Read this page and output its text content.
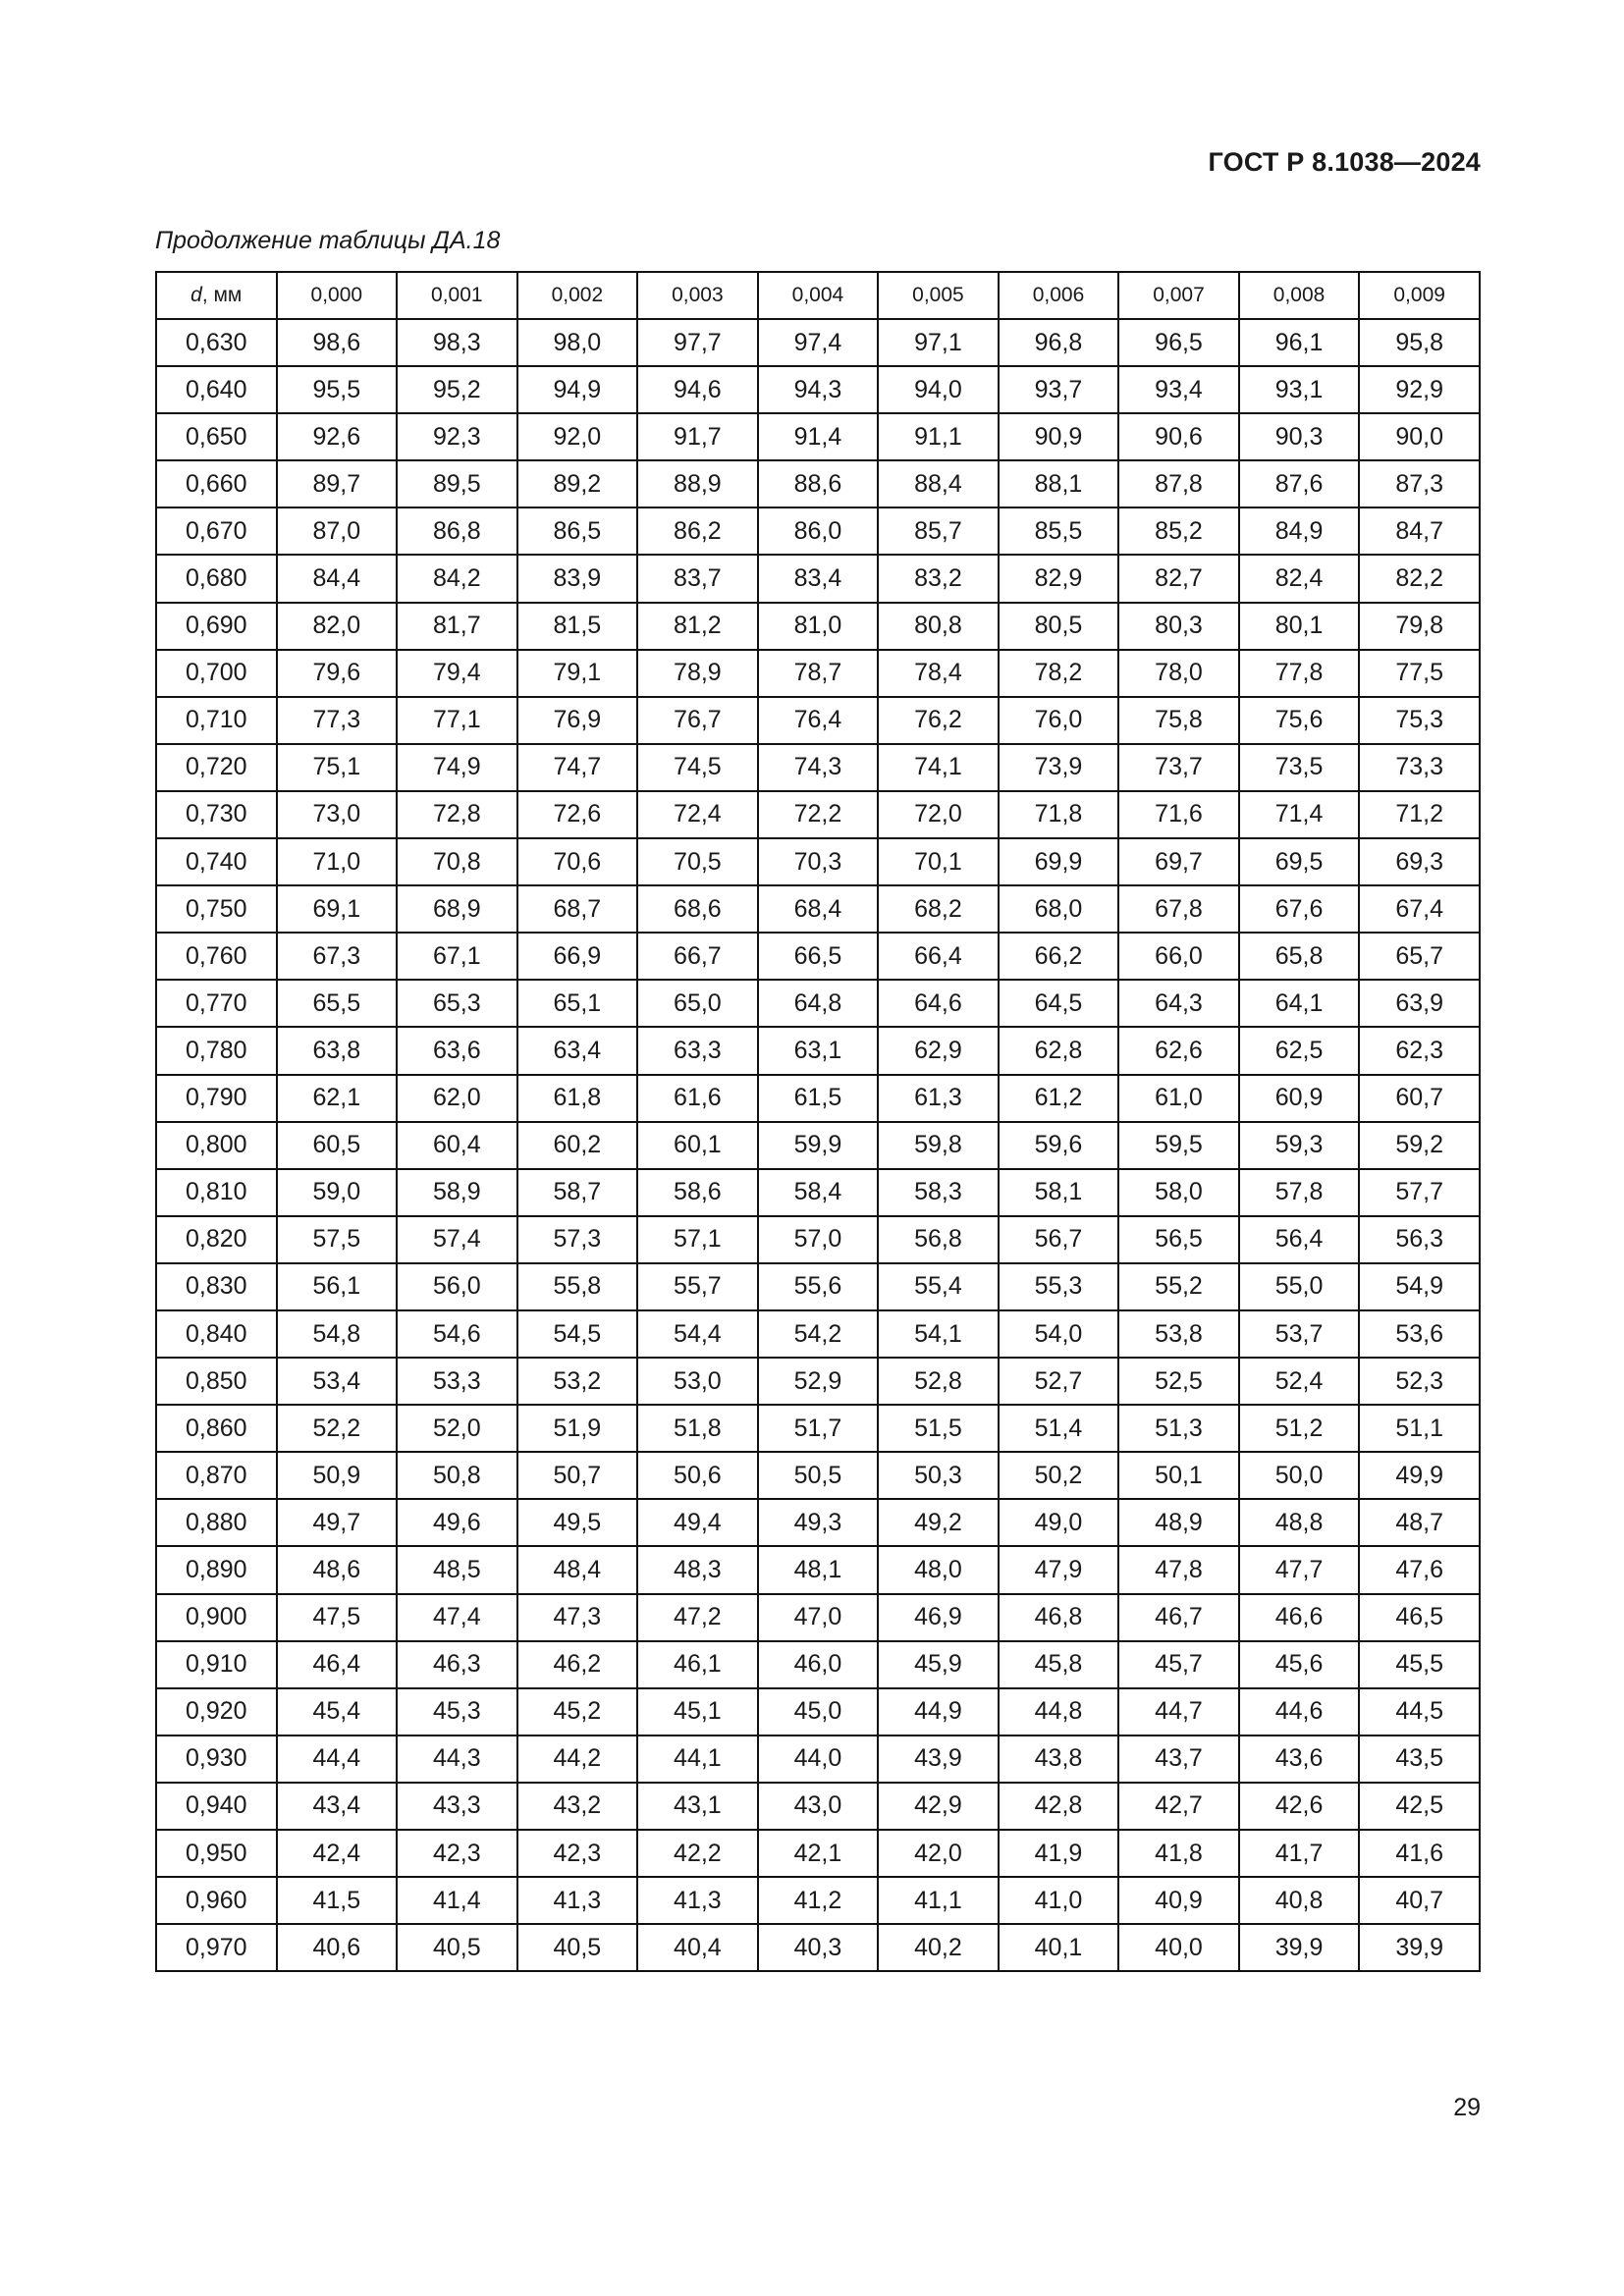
ГОСТ Р 8.1038—2024
Продолжение таблицы ДА.18
d, мм	0,000	0,001	0,002	0,003	0,004	0,005	0,006	0,007	0,008	0,009
0,630	98,6	98,3	98,0	97,7	97,4	97,1	96,8	96,5	96,1	95,8
0,640	95,5	95,2	94,9	94,6	94,3	94,0	93,7	93,4	93,1	92,9
0,650	92,6	92,3	92,0	91,7	91,4	91,1	90,9	90,6	90,3	90,0
0,660	89,7	89,5	89,2	88,9	88,6	88,4	88,1	87,8	87,6	87,3
0,670	87,0	86,8	86,5	86,2	86,0	85,7	85,5	85,2	84,9	84,7
0,680	84,4	84,2	83,9	83,7	83,4	83,2	82,9	82,7	82,4	82,2
0,690	82,0	81,7	81,5	81,2	81,0	80,8	80,5	80,3	80,1	79,8
0,700	79,6	79,4	79,1	78,9	78,7	78,4	78,2	78,0	77,8	77,5
0,710	77,3	77,1	76,9	76,7	76,4	76,2	76,0	75,8	75,6	75,3
0,720	75,1	74,9	74,7	74,5	74,3	74,1	73,9	73,7	73,5	73,3
0,730	73,0	72,8	72,6	72,4	72,2	72,0	71,8	71,6	71,4	71,2
0,740	71,0	70,8	70,6	70,5	70,3	70,1	69,9	69,7	69,5	69,3
0,750	69,1	68,9	68,7	68,6	68,4	68,2	68,0	67,8	67,6	67,4
0,760	67,3	67,1	66,9	66,7	66,5	66,4	66,2	66,0	65,8	65,7
0,770	65,5	65,3	65,1	65,0	64,8	64,6	64,5	64,3	64,1	63,9
0,780	63,8	63,6	63,4	63,3	63,1	62,9	62,8	62,6	62,5	62,3
0,790	62,1	62,0	61,8	61,6	61,5	61,3	61,2	61,0	60,9	60,7
0,800	60,5	60,4	60,2	60,1	59,9	59,8	59,6	59,5	59,3	59,2
0,810	59,0	58,9	58,7	58,6	58,4	58,3	58,1	58,0	57,8	57,7
0,820	57,5	57,4	57,3	57,1	57,0	56,8	56,7	56,5	56,4	56,3
0,830	56,1	56,0	55,8	55,7	55,6	55,4	55,3	55,2	55,0	54,9
0,840	54,8	54,6	54,5	54,4	54,2	54,1	54,0	53,8	53,7	53,6
0,850	53,4	53,3	53,2	53,0	52,9	52,8	52,7	52,5	52,4	52,3
0,860	52,2	52,0	51,9	51,8	51,7	51,5	51,4	51,3	51,2	51,1
0,870	50,9	50,8	50,7	50,6	50,5	50,3	50,2	50,1	50,0	49,9
0,880	49,7	49,6	49,5	49,4	49,3	49,2	49,0	48,9	48,8	48,7
0,890	48,6	48,5	48,4	48,3	48,1	48,0	47,9	47,8	47,7	47,6
0,900	47,5	47,4	47,3	47,2	47,0	46,9	46,8	46,7	46,6	46,5
0,910	46,4	46,3	46,2	46,1	46,0	45,9	45,8	45,7	45,6	45,5
0,920	45,4	45,3	45,2	45,1	45,0	44,9	44,8	44,7	44,6	44,5
0,930	44,4	44,3	44,2	44,1	44,0	43,9	43,8	43,7	43,6	43,5
0,940	43,4	43,3	43,2	43,1	43,0	42,9	42,8	42,7	42,6	42,5
0,950	42,4	42,3	42,3	42,2	42,1	42,0	41,9	41,8	41,7	41,6
0,960	41,5	41,4	41,3	41,3	41,2	41,1	41,0	40,9	40,8	40,7
0,970	40,6	40,5	40,5	40,4	40,3	40,2	40,1	40,0	39,9	39,9
29
